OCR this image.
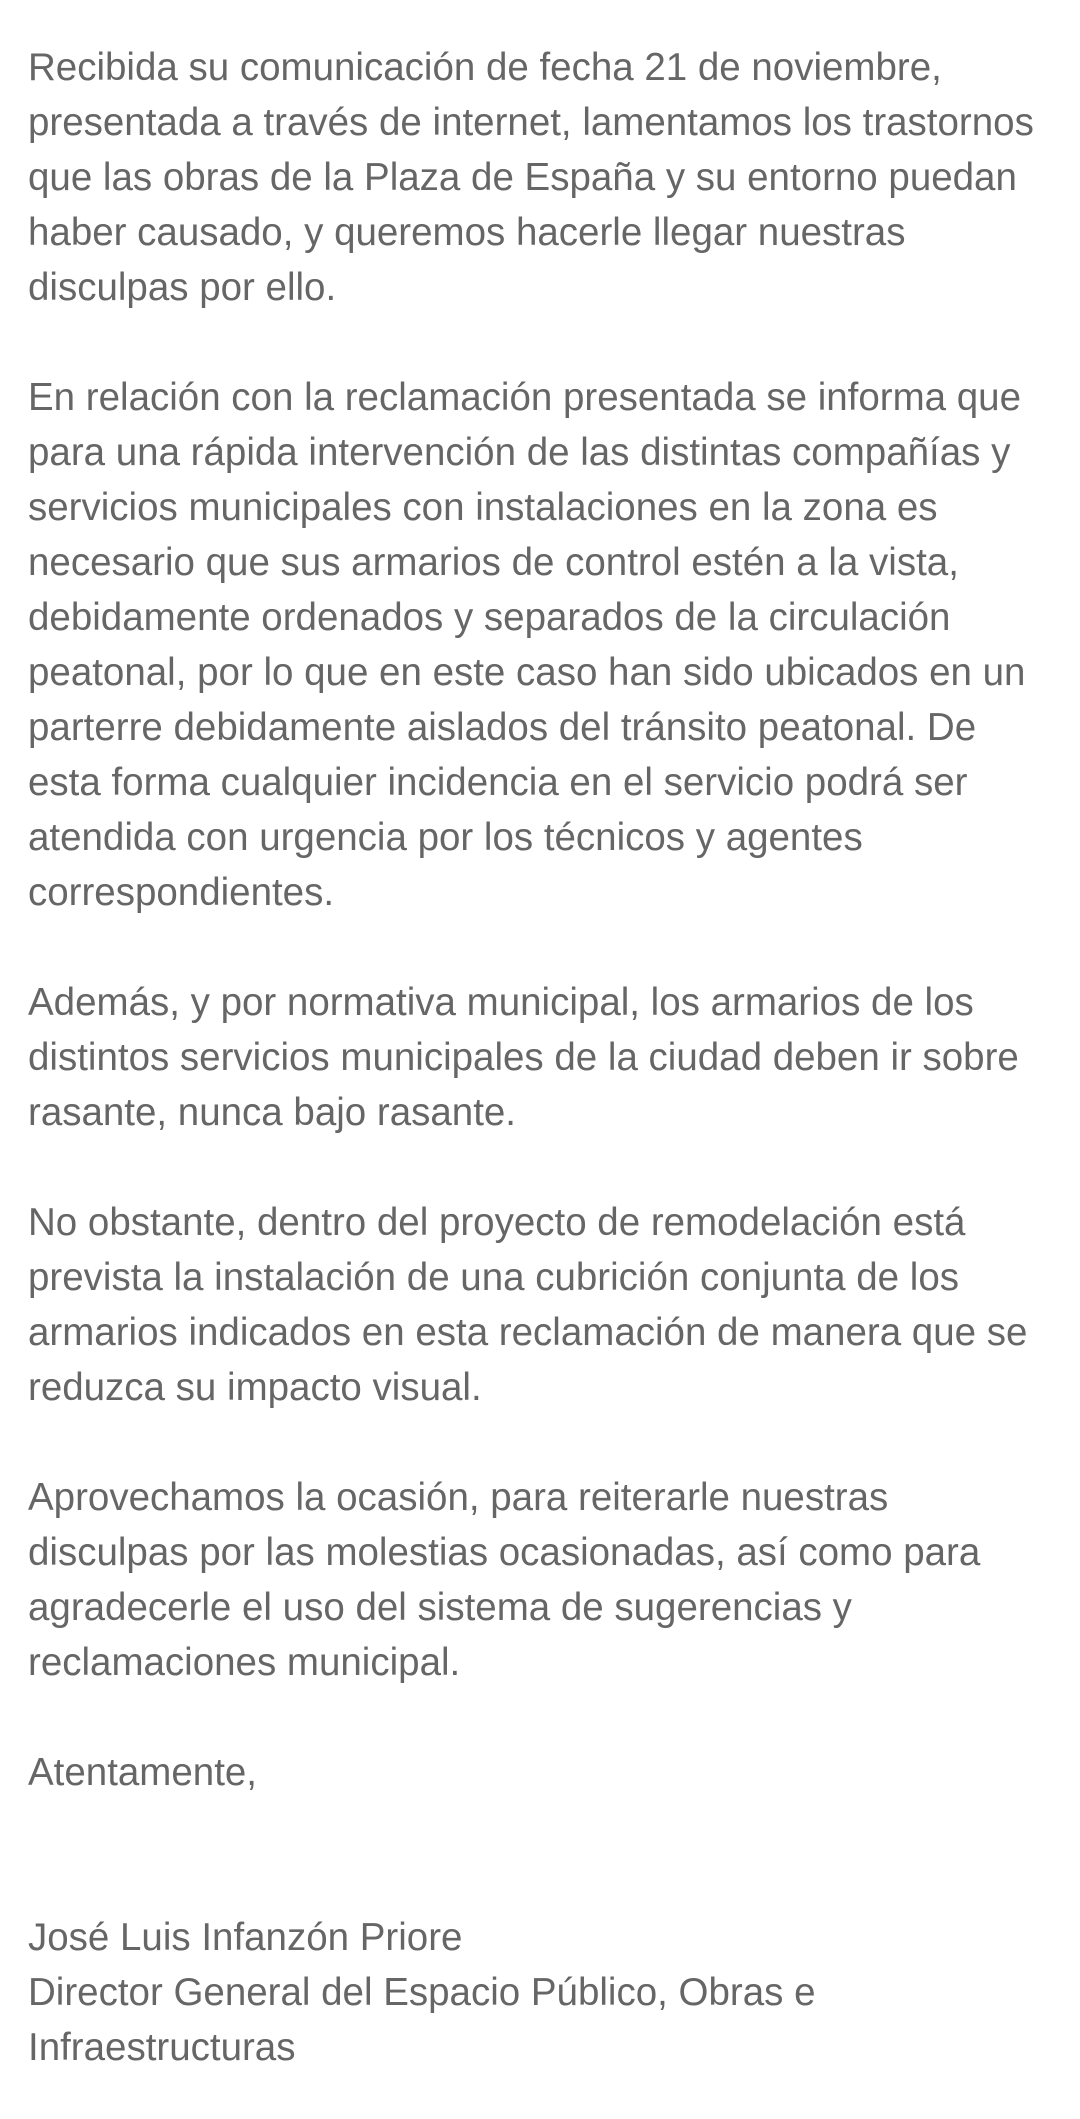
Recibida su comunicación de fecha 21 de noviembre, presentada a través de internet, lamentamos los trastornos que las obras de la Plaza de España y su entorno puedan haber causado, y queremos hacerle llegar nuestras disculpas por ello.

En relación con la reclamación presentada se informa que para una rápida intervención de las distintas compañías y servicios municipales con instalaciones en la zona es necesario que sus armarios de control estén a la vista, debidamente ordenados y separados de la circulación peatonal, por lo que en este caso han sido ubicados en un parterre debidamente aislados del tránsito peatonal. De esta forma cualquier incidencia en el servicio podrá ser atendida con urgencia por los técnicos y agentes correspondientes.

Además, y por normativa municipal, los armarios de los distintos servicios municipales de la ciudad deben ir sobre rasante, nunca bajo rasante.

No obstante, dentro del proyecto de remodelación está prevista la instalación de una cubrición conjunta de los armarios indicados en esta reclamación de manera que se reduzca su impacto visual.

Aprovechamos la ocasión, para reiterarle nuestras disculpas por las molestias ocasionadas, así como para agradecerle el uso del sistema de sugerencias y reclamaciones municipal.

Atentamente,

José Luis Infanzón Priore
Director General del Espacio Público, Obras e Infraestructuras
